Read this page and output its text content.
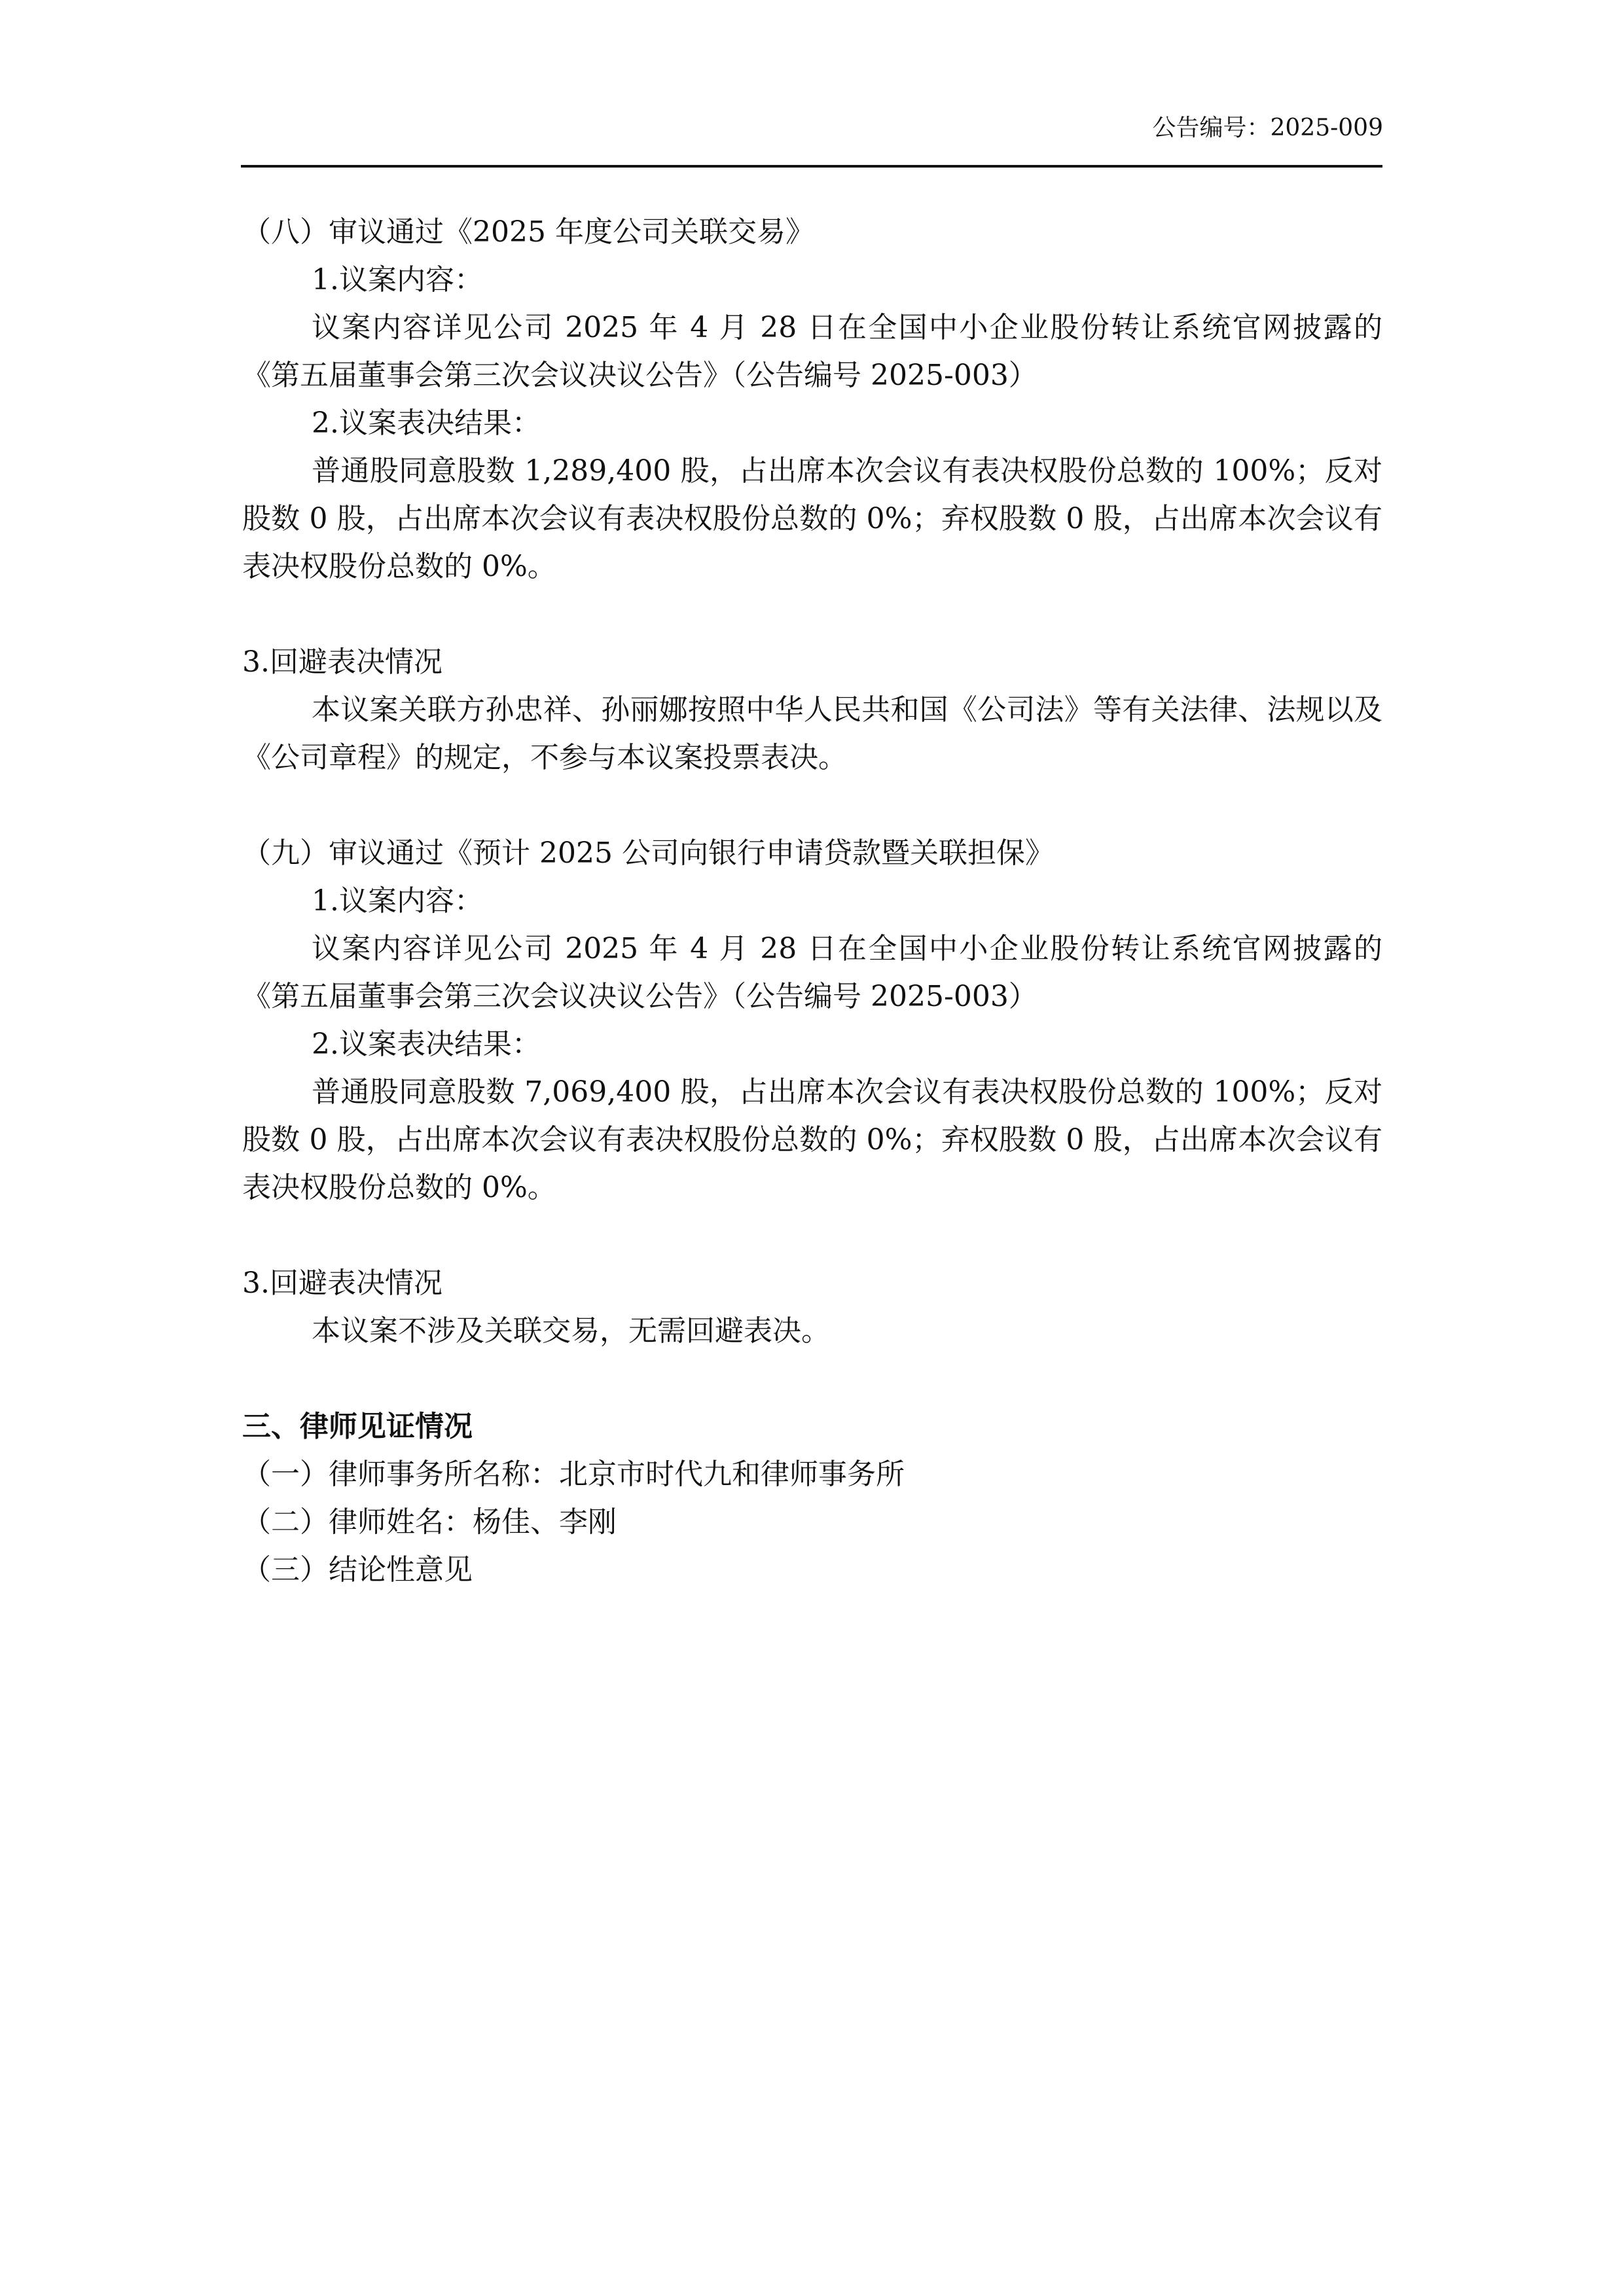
公告编号：2025-009

（八）审议通过《2025 年度公司关联交易》

1.议案内容：

议案内容详见公司 2025 年 4 月 28 日在全国中小企业股份转让系统官网披露的《第五届董事会第三次会议决议公告》（公告编号 2025-003）

2.议案表决结果：

普通股同意股数 1,289,400 股，占出席本次会议有表决权股份总数的 100%；反对股数 0 股，占出席本次会议有表决权股份总数的 0%；弃权股数 0 股，占出席本次会议有表决权股份总数的 0%。

3.回避表决情况

本议案关联方孙忠祥、孙丽娜按照中华人民共和国《公司法》等有关法律、法规以及《公司章程》的规定，不参与本议案投票表决。

（九）审议通过《预计 2025 公司向银行申请贷款暨关联担保》

1.议案内容：

议案内容详见公司 2025 年 4 月 28 日在全国中小企业股份转让系统官网披露的《第五届董事会第三次会议决议公告》（公告编号 2025-003）

2.议案表决结果：

普通股同意股数 7,069,400 股，占出席本次会议有表决权股份总数的 100%；反对股数 0 股，占出席本次会议有表决权股份总数的 0%；弃权股数 0 股，占出席本次会议有表决权股份总数的 0%。

3.回避表决情况

本议案不涉及关联交易，无需回避表决。

三、律师见证情况

（一）律师事务所名称：北京市时代九和律师事务所

（二）律师姓名：杨佳、李刚

（三）结论性意见
